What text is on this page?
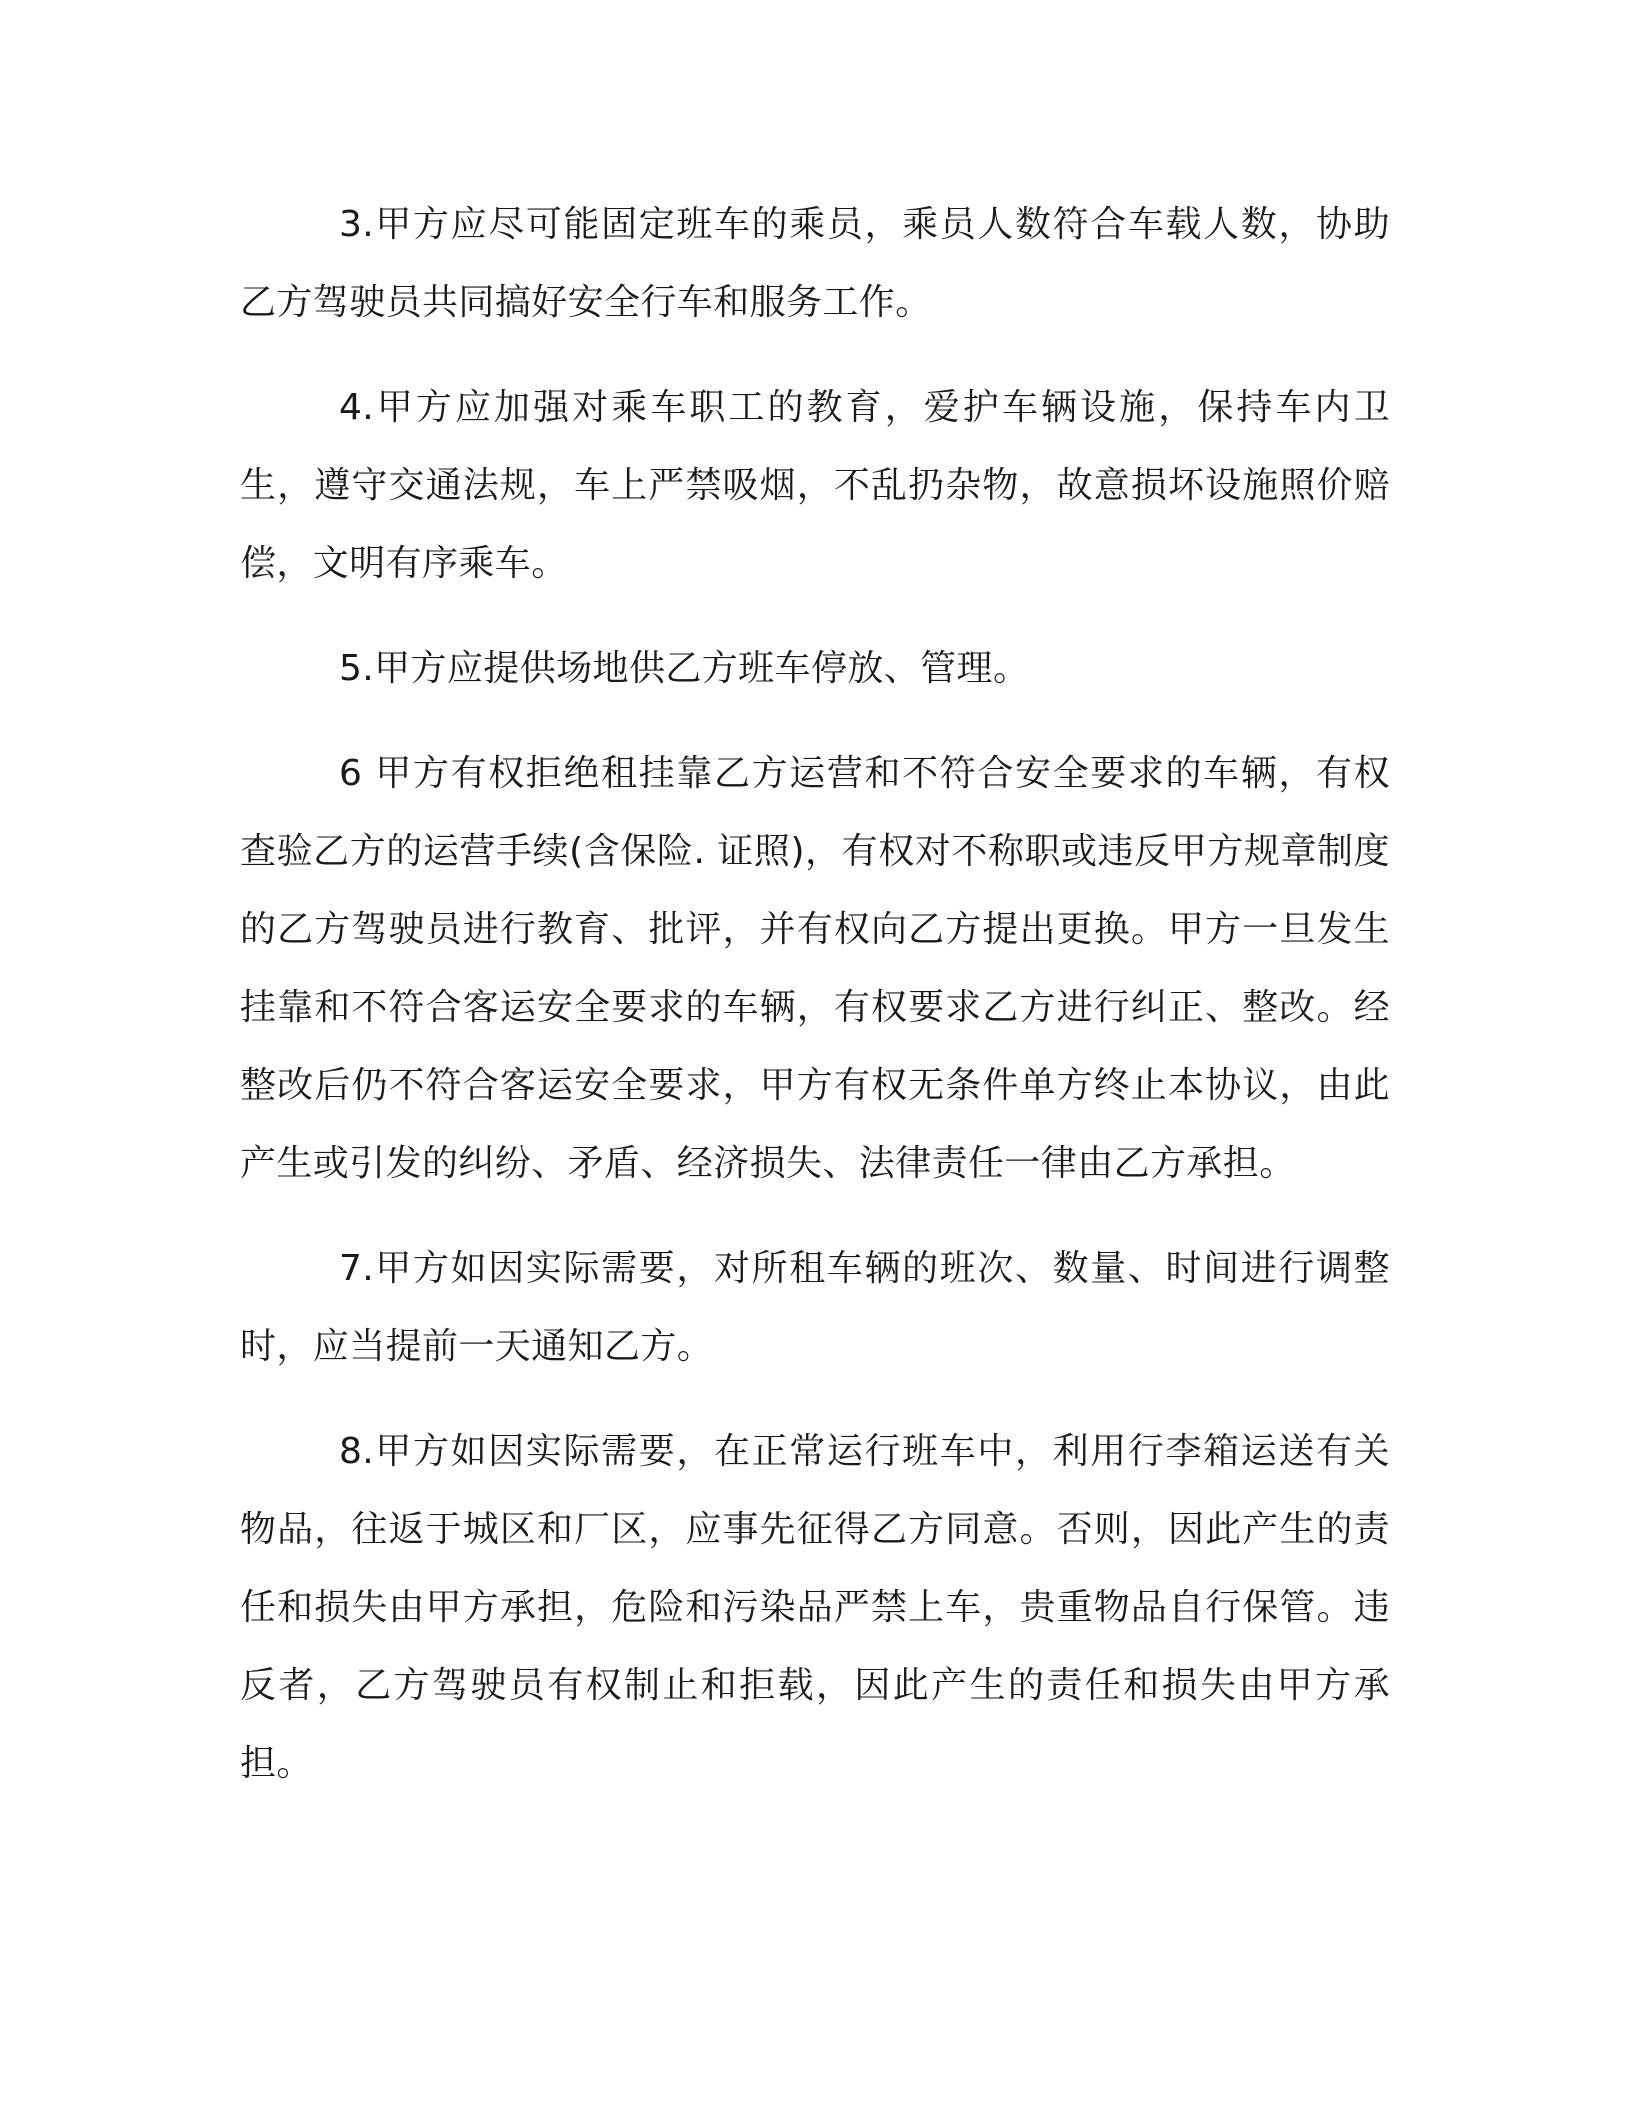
3.甲方应尽可能固定班车的乘员，乘员人数符合车载人数，协助乙方驾驶员共同搞好安全行车和服务工作。

4.甲方应加强对乘车职工的教育，爱护车辆设施，保持车内卫生，遵守交通法规，车上严禁吸烟，不乱扔杂物，故意损坏设施照价赔偿，文明有序乘车。

5.甲方应提供场地供乙方班车停放、管理。

6 甲方有权拒绝租挂靠乙方运营和不符合安全要求的车辆，有权查验乙方的运营手续(含保险. 证照)，有权对不称职或违反甲方规章制度的乙方驾驶员进行教育、批评，并有权向乙方提出更换。甲方一旦发生挂靠和不符合客运安全要求的车辆，有权要求乙方进行纠正、整改。经整改后仍不符合客运安全要求，甲方有权无条件单方终止本协议，由此产生或引发的纠纷、矛盾、经济损失、法律责任一律由乙方承担。

7.甲方如因实际需要，对所租车辆的班次、数量、时间进行调整时，应当提前一天通知乙方。

8.甲方如因实际需要，在正常运行班车中，利用行李箱运送有关物品，往返于城区和厂区，应事先征得乙方同意。否则，因此产生的责任和损失由甲方承担，危险和污染品严禁上车，贵重物品自行保管。违反者，乙方驾驶员有权制止和拒载，因此产生的责任和损失由甲方承担。
